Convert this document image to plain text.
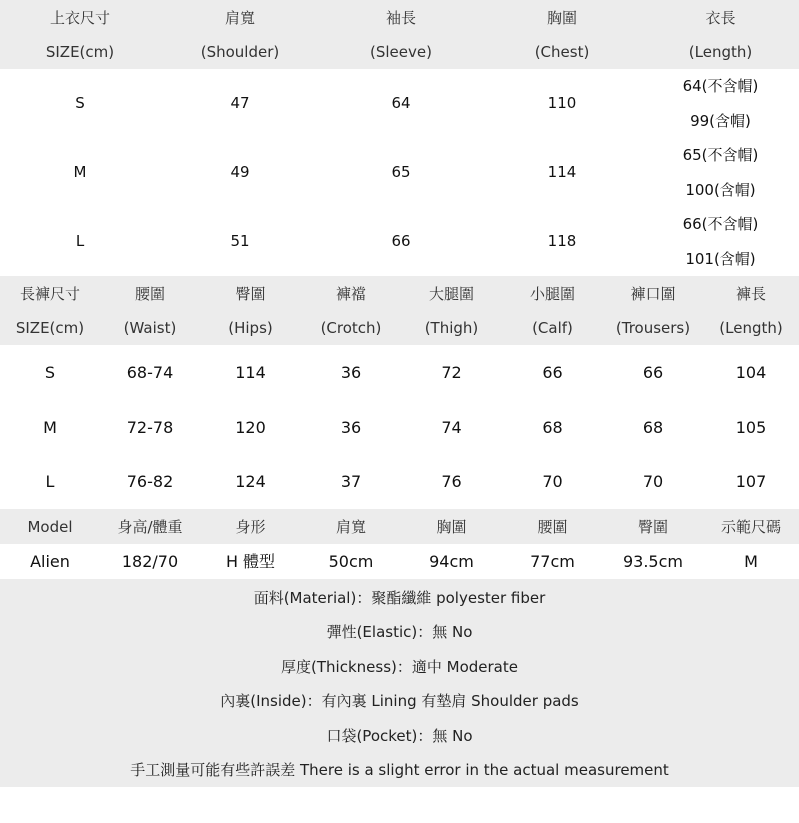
上衣尺寸	肩寬	袖長	胸圍	衣長
SIZE(cm)	(Shoulder)	(Sleeve)	(Chest)	(Length)
S	47	64	110
64(不含帽)
99(含帽)
M	49	65	114
65(不含帽)
100(含帽)
L	51	66	118
66(不含帽)
101(含帽)
長褲尺寸	腰圍	臀圍	褲襠	大腿圍	小腿圍	褲口圍	褲長
SIZE(cm)	(Waist)	(Hips)	(Crotch)	(Thigh)	(Calf)	(Trousers)	(Length)
S	68-74	114	36	72	66	66	104
M	72-78	120	36	74	68	68	105
L	76-82	124	37	76	70	70	107
Model	身高/體重	身形	肩寬	胸圍	腰圍	臀圍	示範尺碼
Alien	182/70	H 體型	50cm	94cm	77cm	93.5cm	M
面料(Material)：聚酯纖維 polyester fiber
彈性(Elastic)：無 No
厚度(Thickness)：適中 Moderate
內裏(Inside)：有內裏 Lining 有墊肩 Shoulder pads
口袋(Pocket)：無 No
手工測量可能有些許誤差 There is a slight error in the actual measurement
